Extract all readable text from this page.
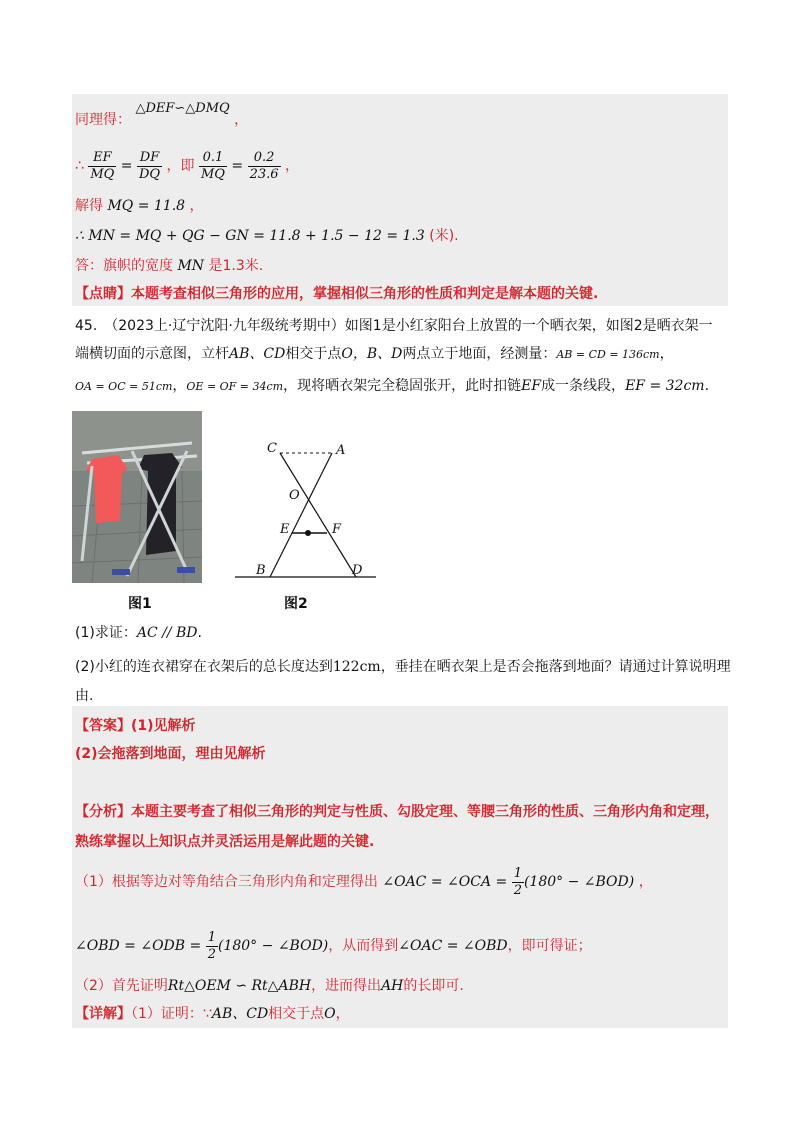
同理得： △DEF∽△DMQ ，
∴ $\frac{EF}{MQ} = \frac{DF}{DQ}$ ，即 $\frac{0.1}{MQ} = \frac{0.2}{23.6}$ ，
解得 MQ = 11.8 ，
∴ MN = MQ + QG − GN = 11.8 + 1.5 − 12 = 1.3 (米).
答：旗帜的宽度 MN 是1.3米.
【点睛】本题考查相似三角形的应用，掌握相似三角形的性质和判定是解本题的关键.
45.　（2023上·辽宁沈阳·九年级统考期中）如图1是小红家阳台上放置的一个晒衣架，如图2是晒衣架一
端横切面的示意图，立杆AB、CD相交于点O，B、D两点立于地面，经测量：AB = CD = 136cm，
OA = OC = 51cm，OE = OF = 34cm，现将晒衣架完全稳固张开，此时扣链EF成一条线段，EF = 32cm.
图1
C	A
O
E	F
B	D
图2
(1)求证：AC // BD.
(2)小红的连衣裙穿在衣架后的总长度达到122cm，垂挂在晒衣架上是否会拖落到地面？请通过计算说明理
由.
【答案】(1)见解析
(2)会拖落到地面，理由见解析
【分析】本题主要考查了相似三角形的判定与性质、勾股定理、等腰三角形的性质、三角形内角和定理，
熟练掌握以上知识点并灵活运用是解此题的关键.
（1）根据等边对等角结合三角形内角和定理得出 ∠OAC = ∠OCA = $\frac{1}{2} (180^\circ$ − ∠BOD) ，
∠OBD = ∠ODB = $\frac{1}{2} (180^\circ$ − ∠BOD)，从而得到∠OAC = ∠OBD，即可得证；
（2）首先证明Rt△OEM ∽ Rt△ABH，进而得出AH的长即可.
【详解】（1）证明：∵AB、CD相交于点O，
